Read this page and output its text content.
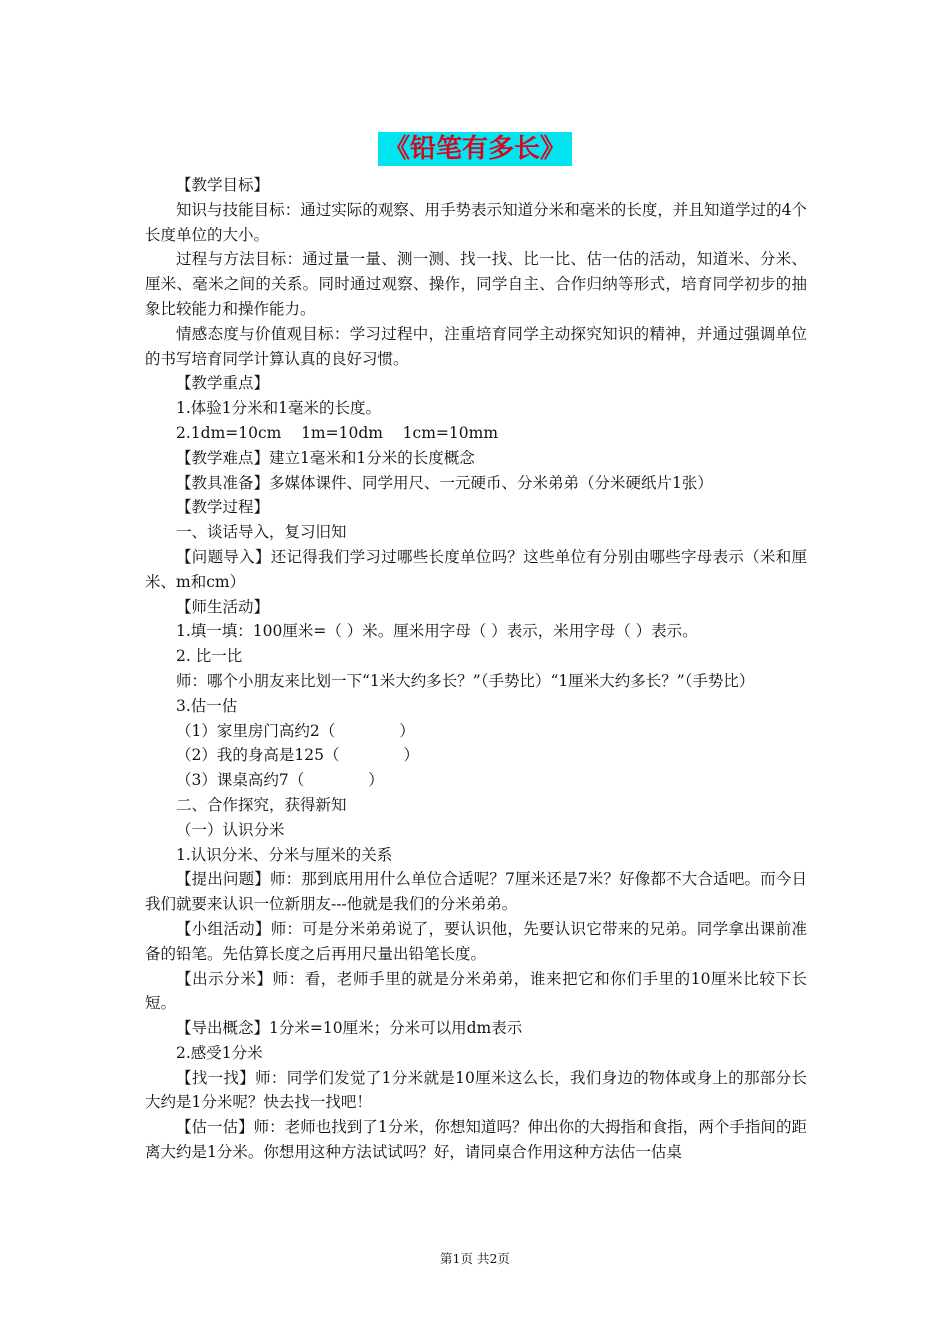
《铅笔有多长》

【教学目标】

知识与技能目标：通过实际的观察、用手势表示知道分米和毫米的长度，并且知道学过的4个长度单位的大小。

过程与方法目标：通过量一量、测一测、找一找、比一比、估一估的活动，知道米、分米、厘米、毫米之间的关系。同时通过观察、操作，同学自主、合作归纳等形式，培育同学初步的抽象比较能力和操作能力。

情感态度与价值观目标：学习过程中，注重培育同学主动探究知识的精神，并通过强调单位的书写培育同学计算认真的良好习惯。

【教学重点】

1.体验1分米和1毫米的长度。

2.1dm=10cm    1m=10dm    1cm=10mm

【教学难点】建立1毫米和1分米的长度概念

【教具准备】多媒体课件、同学用尺、一元硬币、分米弟弟（分米硬纸片1张）

【教学过程】

一、谈话导入，复习旧知

【问题导入】还记得我们学习过哪些长度单位吗？这些单位有分别由哪些字母表示（米和厘米、m和cm）

【师生活动】

1.填一填：100厘米=（ ）米。厘米用字母（ ）表示，米用字母（ ）表示。

2. 比一比

师：哪个小朋友来比划一下“1米大约多长？”（手势比）“1厘米大约多长？”（手势比）

3.估一估

（1）家里房门高约2（             ）

（2）我的身高是125（             ）

（3）课桌高约7（             ）

二、合作探究，获得新知

（一）认识分米

1.认识分米、分米与厘米的关系

【提出问题】师：那到底用用什么单位合适呢？7厘米还是7米？好像都不大合适吧。而今日我们就要来认识一位新朋友---他就是我们的分米弟弟。

【小组活动】师：可是分米弟弟说了，要认识他，先要认识它带来的兄弟。同学拿出课前准备的铅笔。先估算长度之后再用尺量出铅笔长度。

【出示分米】师：看，老师手里的就是分米弟弟，谁来把它和你们手里的10厘米比较下长短。

【导出概念】1分米=10厘米；分米可以用dm表示

2.感受1分米

【找一找】师：同学们发觉了1分米就是10厘米这么长，我们身边的物体或身上的那部分长大约是1分米呢？快去找一找吧！

【估一估】师：老师也找到了1分米，你想知道吗？伸出你的大拇指和食指，两个手指间的距离大约是1分米。你想用这种方法试试吗？好，请同桌合作用这种方法估一估桌

第1页 共2页
